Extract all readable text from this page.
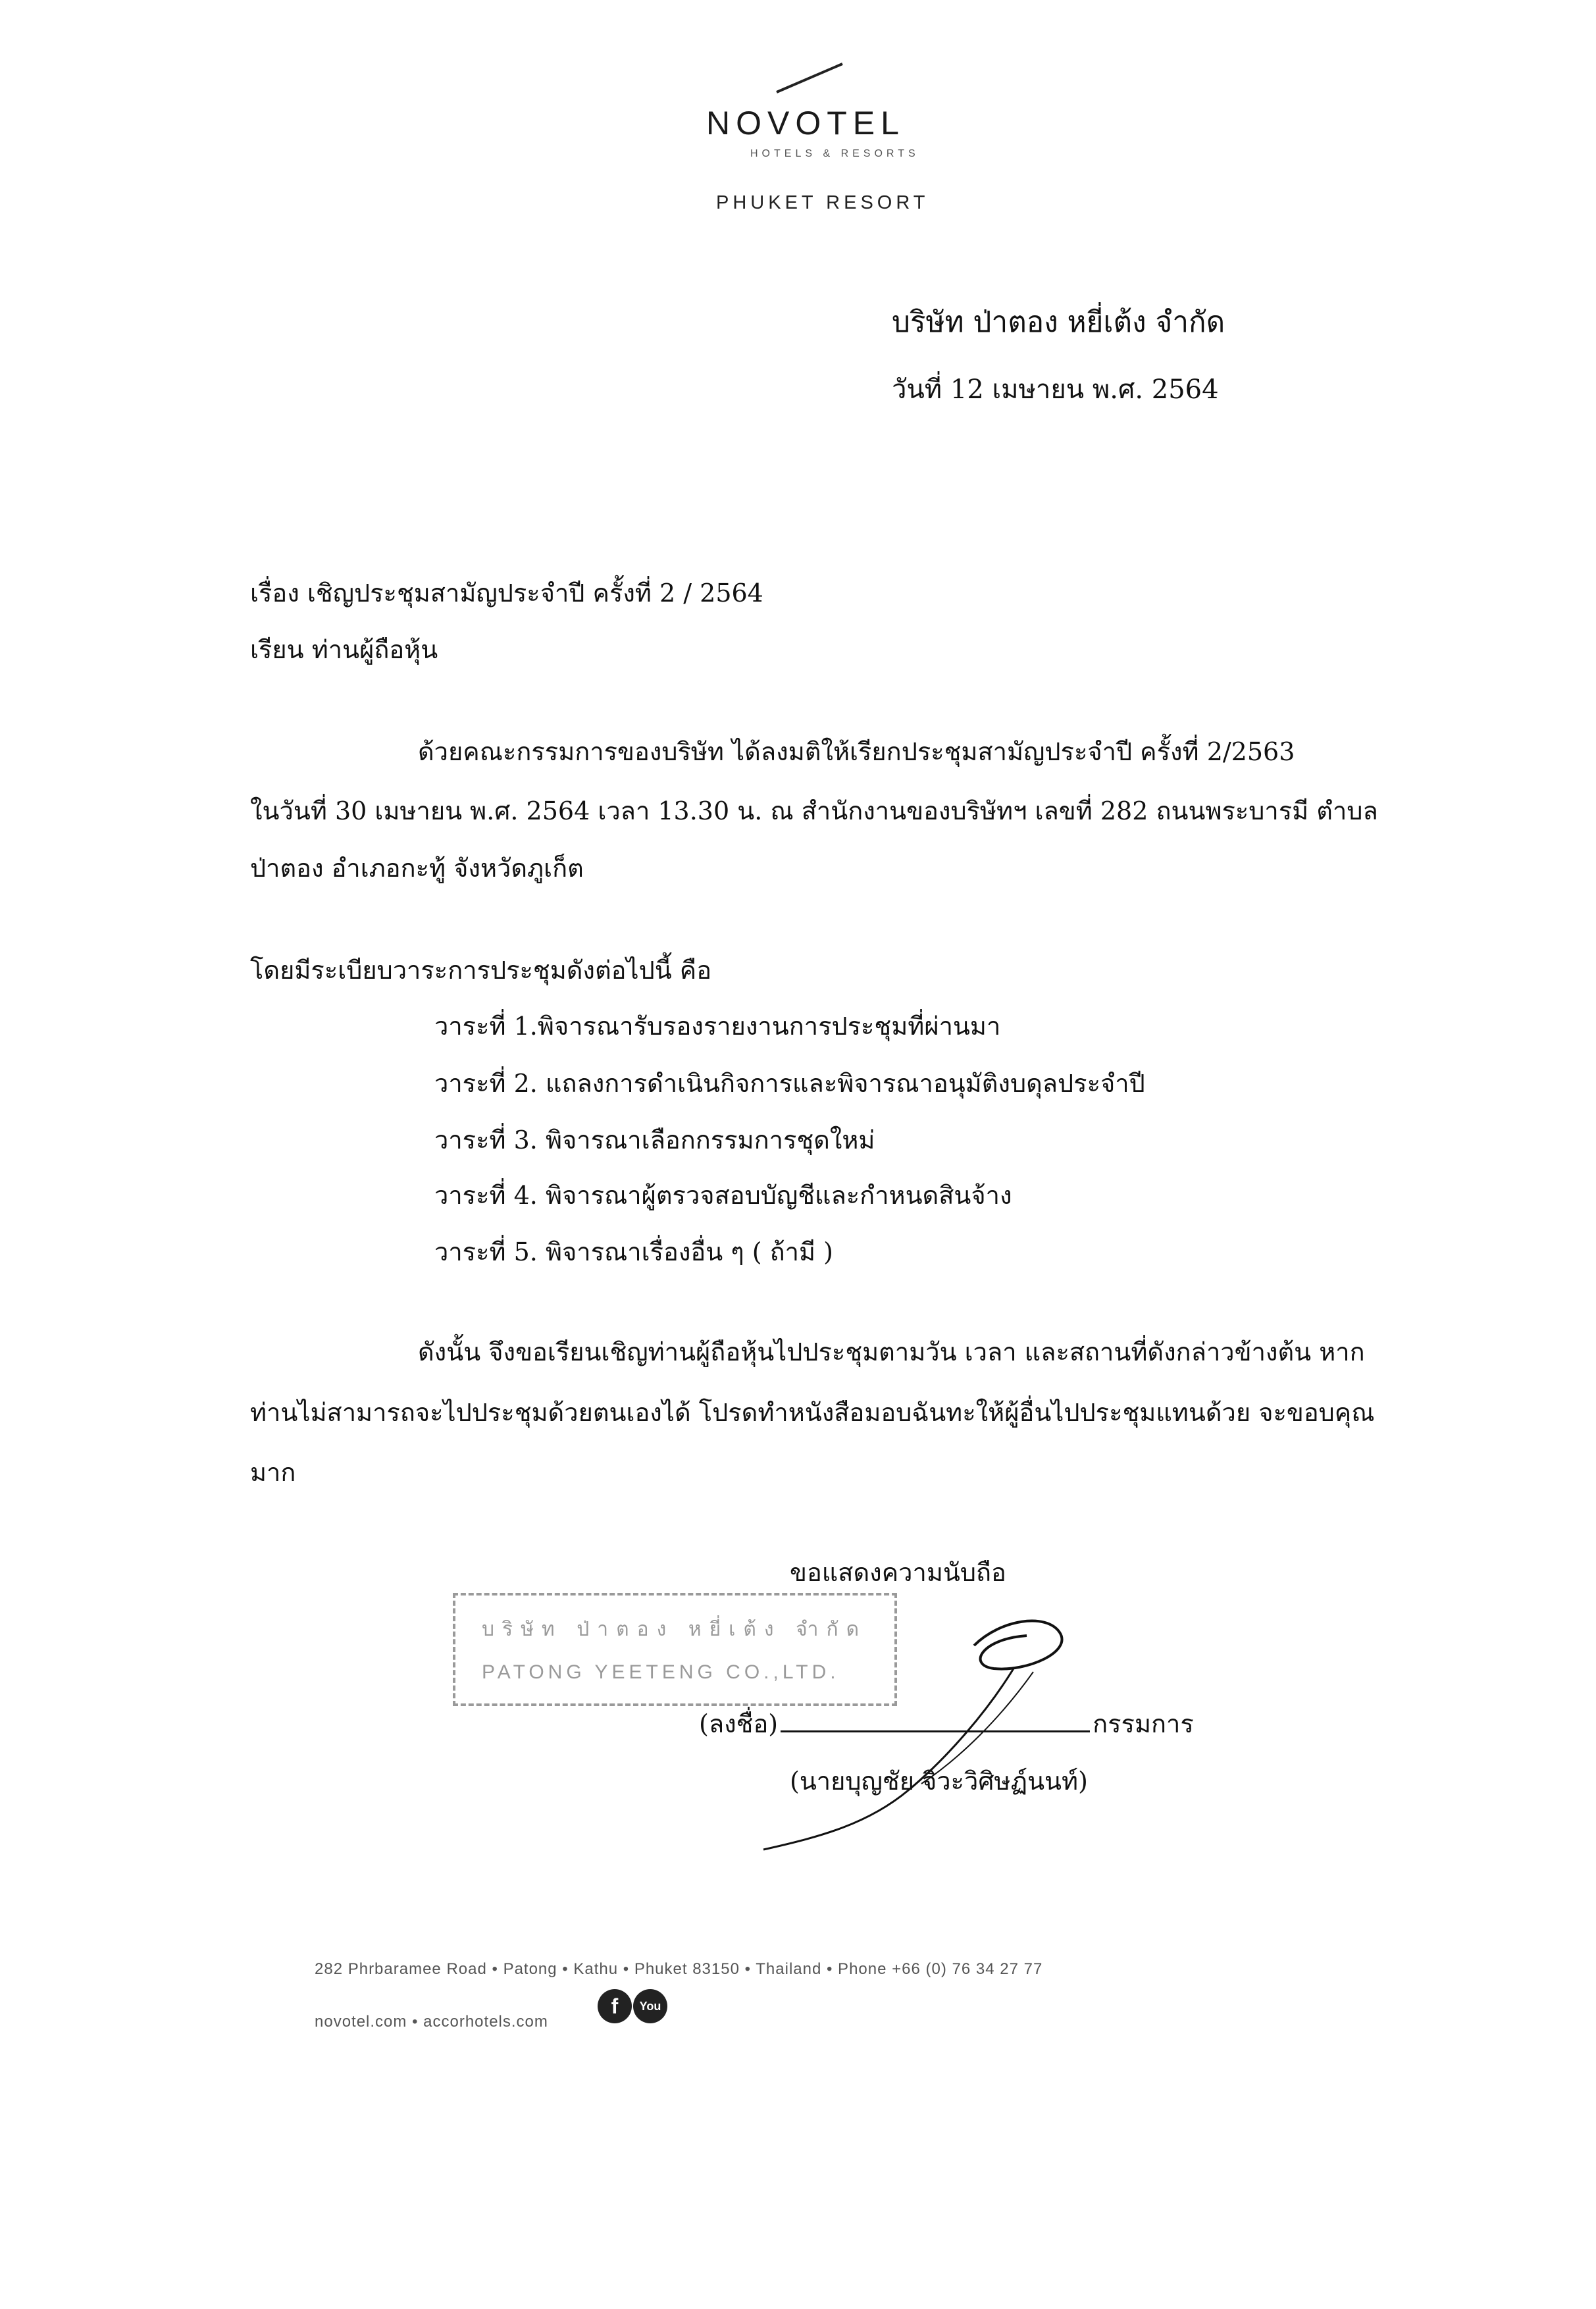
NOVOTEL
HOTELS & RESORTS
PHUKET RESORT
บริษัท ป่าตอง หยี่เต้ง จำกัด
วันที่ 12 เมษายน พ.ศ. 2564
เรื่อง เชิญประชุมสามัญประจำปี ครั้งที่ 2 / 2564
เรียน ท่านผู้ถือหุ้น
ด้วยคณะกรรมการของบริษัท ได้ลงมติให้เรียกประชุมสามัญประจำปี ครั้งที่ 2/2563
ในวันที่ 30 เมษายน พ.ศ. 2564 เวลา 13.30 น. ณ สำนักงานของบริษัทฯ เลขที่ 282 ถนนพระบารมี ตำบล
ป่าตอง อำเภอกะทู้ จังหวัดภูเก็ต
โดยมีระเบียบวาระการประชุมดังต่อไปนี้ คือ
วาระที่ 1.พิจารณารับรองรายงานการประชุมที่ผ่านมา
วาระที่ 2. แถลงการดำเนินกิจการและพิจารณาอนุมัติงบดุลประจำปี
วาระที่ 3. พิจารณาเลือกกรรมการชุดใหม่
วาระที่ 4. พิจารณาผู้ตรวจสอบบัญชีและกำหนดสินจ้าง
วาระที่ 5. พิจารณาเรื่องอื่น ๆ ( ถ้ามี )
ดังนั้น จึงขอเรียนเชิญท่านผู้ถือหุ้นไปประชุมตามวัน เวลา และสถานที่ดังกล่าวข้างต้น หาก
ท่านไม่สามารถจะไปประชุมด้วยตนเองได้ โปรดทำหนังสือมอบฉันทะให้ผู้อื่นไปประชุมแทนด้วย จะขอบคุณ
มาก
ขอแสดงความนับถือ
บริษัท ป่าตอง หยี่เต้ง จำกัด
PATONG YEETENG CO.,LTD.
(ลงชื่อ)	กรรมการ
(นายบุญชัย จิวะวิศิษฏ์นนท์)
282 Phrbaramee Road • Patong • Kathu • Phuket 83150 • Thailand • Phone +66 (0) 76 34 27 77
novotel.com • accorhotels.com
f You
